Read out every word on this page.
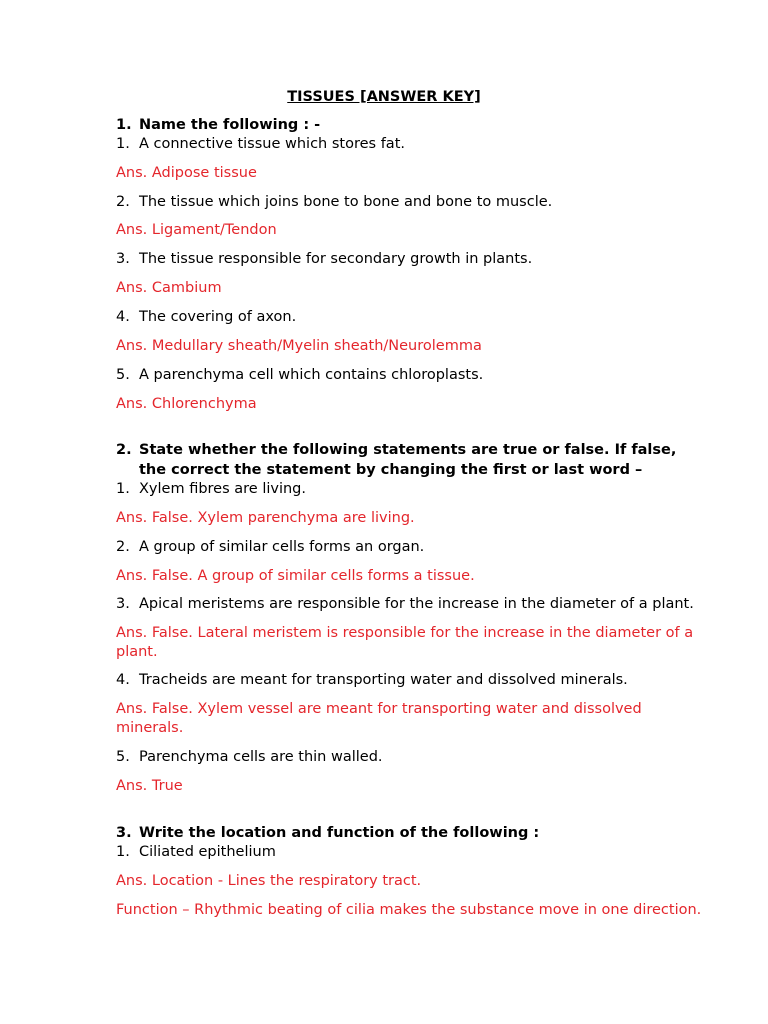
TISSUES [ANSWER KEY]
1. Name the following : -
1. A connective tissue which stores fat.
Ans. Adipose tissue
2. The tissue which joins bone to bone and bone to muscle.
Ans. Ligament/Tendon
3. The tissue responsible for secondary growth in plants.
Ans. Cambium
4. The covering of axon.
Ans. Medullary sheath/Myelin sheath/Neurolemma
5. A parenchyma cell which contains chloroplasts.
Ans. Chlorenchyma
2. State whether the following statements are true or false. If false,
the correct the statement by changing the first or last word –
1. Xylem fibres are living.
Ans. False. Xylem parenchyma are living.
2. A group of similar cells forms an organ.
Ans. False. A group of similar cells forms a tissue.
3. Apical meristems are responsible for the increase in the diameter of a plant.
Ans. False. Lateral meristem is responsible for the increase in the diameter of a
plant.
4. Tracheids are meant for transporting water and dissolved minerals.
Ans. False. Xylem vessel are meant for transporting water and dissolved
minerals.
5. Parenchyma cells are thin walled.
Ans. True
3. Write the location and function of the following :
1. Ciliated epithelium
Ans. Location - Lines the respiratory tract.
Function – Rhythmic beating of cilia makes the substance move in one direction.
